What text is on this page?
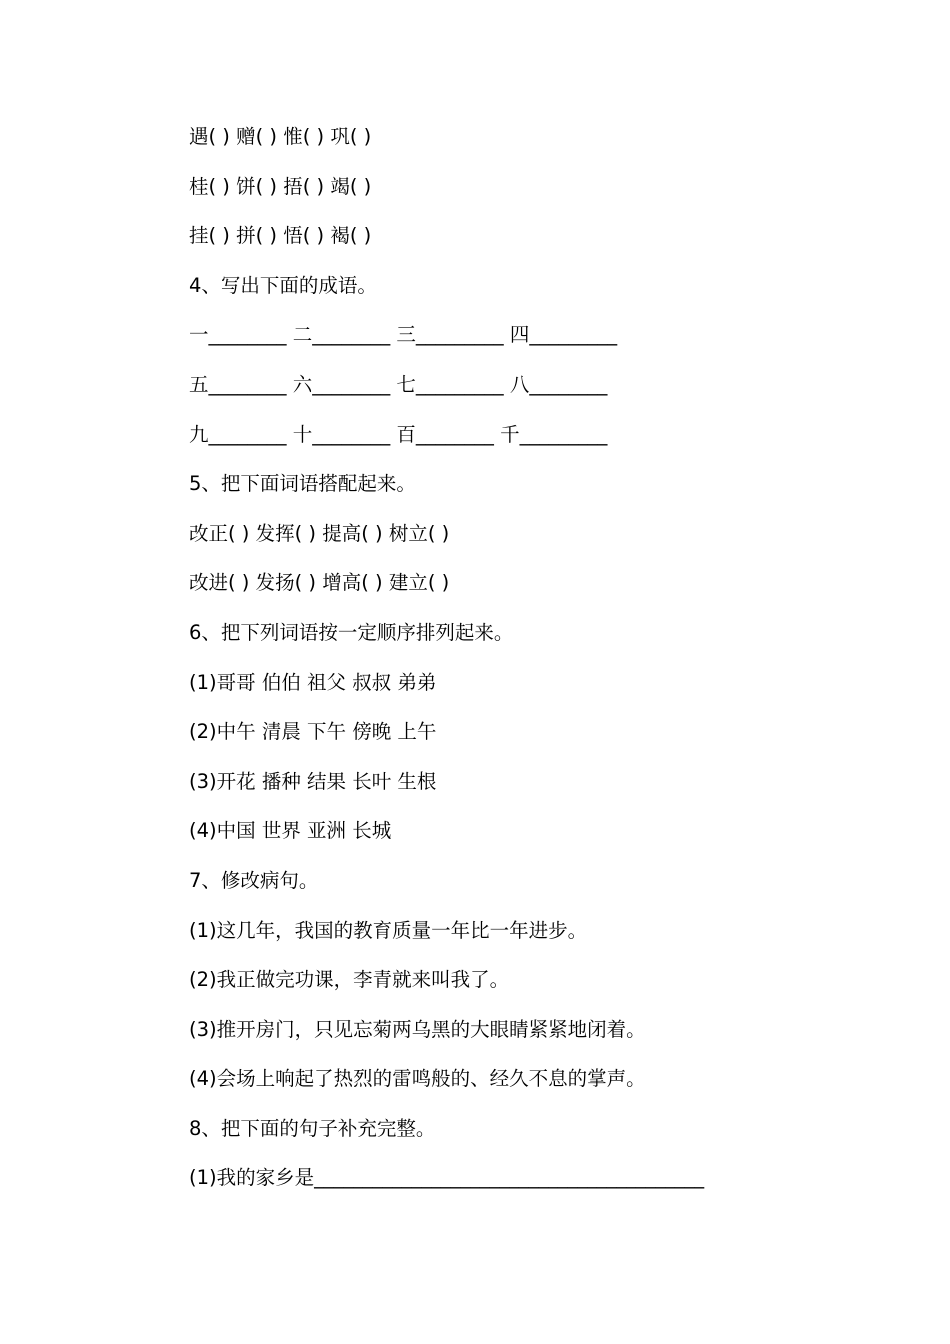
遇( ) 赠( ) 惟( ) 巩( )
桂( ) 饼( ) 捂( ) 竭( )
挂( ) 拼( ) 悟( ) 褐( )
4、写出下面的成语。
一________ 二________ 三_________ 四_________
五________ 六________ 七_________ 八________
九________ 十________ 百________ 千_________
5、把下面词语搭配起来。
改正( ) 发挥( ) 提高( ) 树立( )
改进( ) 发扬( ) 增高( ) 建立( )
6、把下列词语按一定顺序排列起来。
(1)哥哥 伯伯 祖父 叔叔 弟弟
(2)中午 清晨 下午 傍晚 上午
(3)开花 播种 结果 长叶 生根
(4)中国 世界 亚洲 长城
7、修改病句。
(1)这几年，我国的教育质量一年比一年进步。
(2)我正做完功课，李青就来叫我了。
(3)推开房门，只见忘菊两乌黑的大眼睛紧紧地闭着。
(4)会场上响起了热烈的雷鸣般的、经久不息的掌声。
8、把下面的句子补充完整。
(1)我的家乡是________________________________________
